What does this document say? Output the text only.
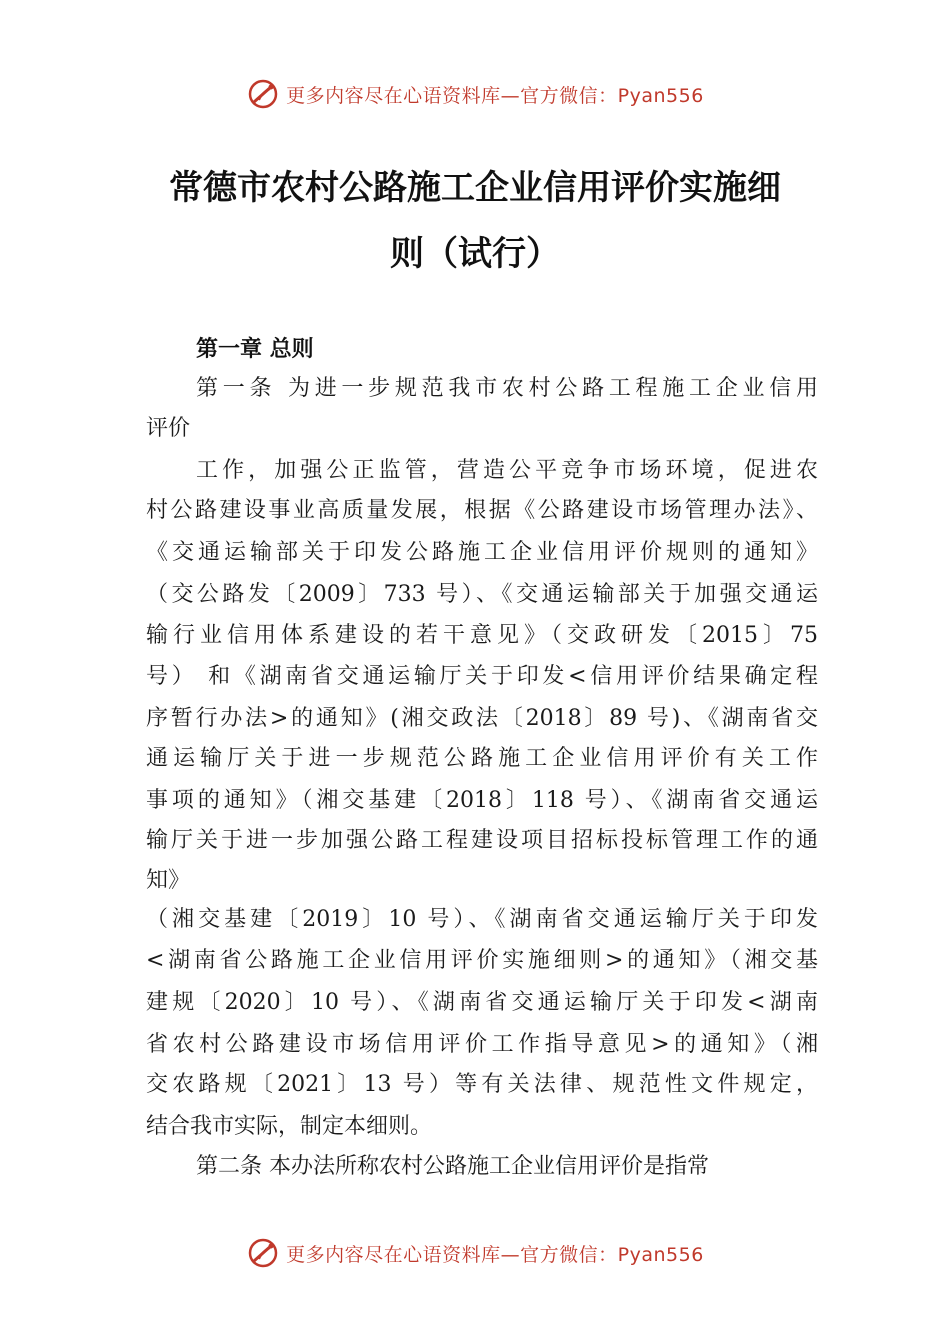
更多内容尽在心语资料库—官方微信：Pyan556
常德市农村公路施工企业信用评价实施细
则（试行）
第一章 总则
第一条 为进一步规范我市农村公路工程施工企业信用
评价
工作，加强公正监管，营造公平竞争市场环境，促进农
村公路建设事业高质量发展，根据《公路建设市场管理办法》、
《交通运输部关于印发公路施工企业信用评价规则的通知》
（交公路发〔2009〕733 号）、《交通运输部关于加强交通运
输行业信用体系建设的若干意见》（交政研发〔2015〕75
号） 和《湖南省交通运输厅关于印发<信用评价结果确定程
序暂行办法>的通知》(湘交政法〔2018〕89 号)、《湖南省交
通运输厅关于进一步规范公路施工企业信用评价有关工作
事项的通知》（湘交基建〔2018〕118 号）、《湖南省交通运
输厅关于进一步加强公路工程建设项目招标投标管理工作的通
知》
（湘交基建〔2019〕10 号）、《湖南省交通运输厅关于印发
<湖南省公路施工企业信用评价实施细则>的通知》（湘交基
建规〔2020〕10 号）、《湖南省交通运输厅关于印发<湖南
省农村公路建设市场信用评价工作指导意见>的通知》（湘
交农路规〔2021〕13 号）等有关法律、规范性文件规定，
结合我市实际，制定本细则。
第二条 本办法所称农村公路施工企业信用评价是指常
更多内容尽在心语资料库—官方微信：Pyan556
